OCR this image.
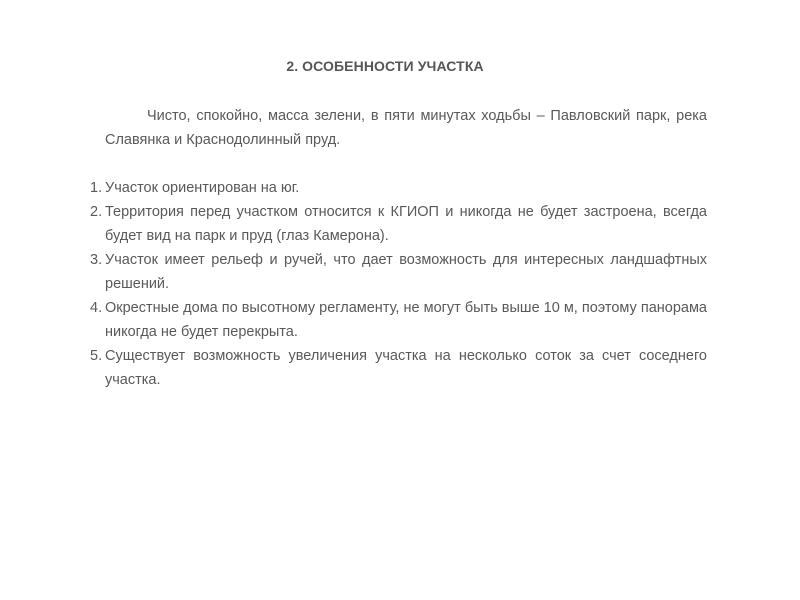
2. ОСОБЕННОСТИ УЧАСТКА

Чисто, спокойно, масса зелени, в пяти минутах ходьбы – Павловский парк, река Славянка и Краснодолинный пруд.

1. Участок ориентирован на юг.
2. Территория перед участком относится к КГИОП и никогда не будет застроена, всегда будет вид на парк и пруд (глаз Камерона).
3. Участок имеет рельеф и ручей, что дает возможность для интересных ландшафтных решений.
4. Окрестные дома по высотному регламенту, не могут быть выше 10 м, поэтому панорама никогда не будет перекрыта.
5. Существует возможность увеличения участка на несколько соток за счет соседнего участка.
